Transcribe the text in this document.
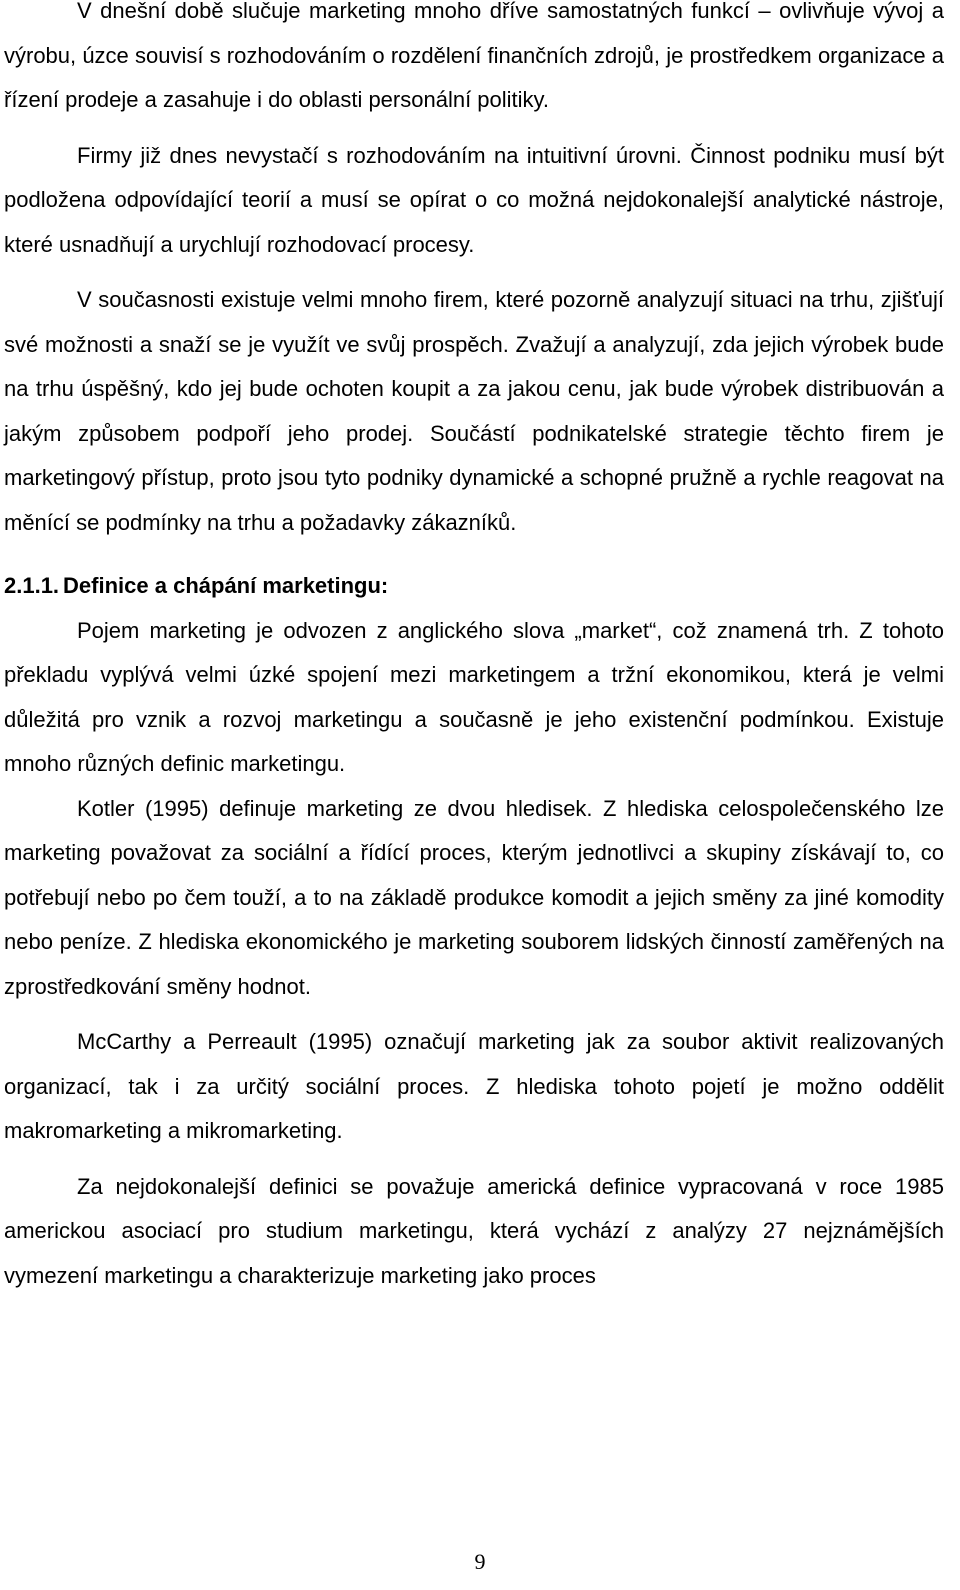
V dnešní době slučuje marketing mnoho dříve samostatných funkcí – ovlivňuje vývoj a výrobu, úzce souvisí s rozhodováním o rozdělení finančních zdrojů, je prostředkem organizace a řízení prodeje a zasahuje i do oblasti personální politiky.

Firmy již dnes nevystačí s rozhodováním na intuitivní úrovni. Činnost podniku musí být podložena odpovídající teorií a musí se opírat o co možná nejdokonalejší analytické nástroje, které usnadňují a urychlují rozhodovací procesy.

V současnosti existuje velmi mnoho firem, které pozorně analyzují situaci na trhu, zjišťují své možnosti a snaží se je využít ve svůj prospěch. Zvažují a analyzují, zda jejich výrobek bude na trhu úspěšný, kdo jej bude ochoten koupit a za jakou cenu, jak bude výrobek distribuován a jakým způsobem podpoří jeho prodej. Součástí podnikatelské strategie těchto firem je marketingový přístup, proto jsou tyto podniky dynamické a schopné pružně a rychle reagovat na měnící se podmínky na trhu a požadavky zákazníků.

2.1.1. Definice a chápání marketingu:

Pojem marketing je odvozen z anglického slova „market“, což znamená trh. Z tohoto překladu vyplývá velmi úzké spojení mezi marketingem a tržní ekonomikou, která je velmi důležitá pro vznik a rozvoj marketingu a současně je jeho existenční podmínkou. Existuje mnoho různých definic marketingu.

Kotler (1995) definuje marketing ze dvou hledisek. Z hlediska celospolečenského lze marketing považovat za sociální a řídící proces, kterým jednotlivci a skupiny získávají to, co potřebují nebo po čem touží, a to na základě produkce komodit a jejich směny za jiné komodity nebo peníze. Z hlediska ekonomického je marketing souborem lidských činností zaměřených na zprostředkování směny hodnot.

McCarthy a Perreault (1995) označují marketing jak za soubor aktivit realizovaných organizací, tak i za určitý sociální proces. Z hlediska tohoto pojetí je možno oddělit makromarketing a mikromarketing.

Za nejdokonalejší definici se považuje americká definice vypracovaná v roce 1985 americkou asociací pro studium marketingu, která vychází z analýzy 27 nejznámějších vymezení marketingu a charakterizuje marketing jako proces

9
